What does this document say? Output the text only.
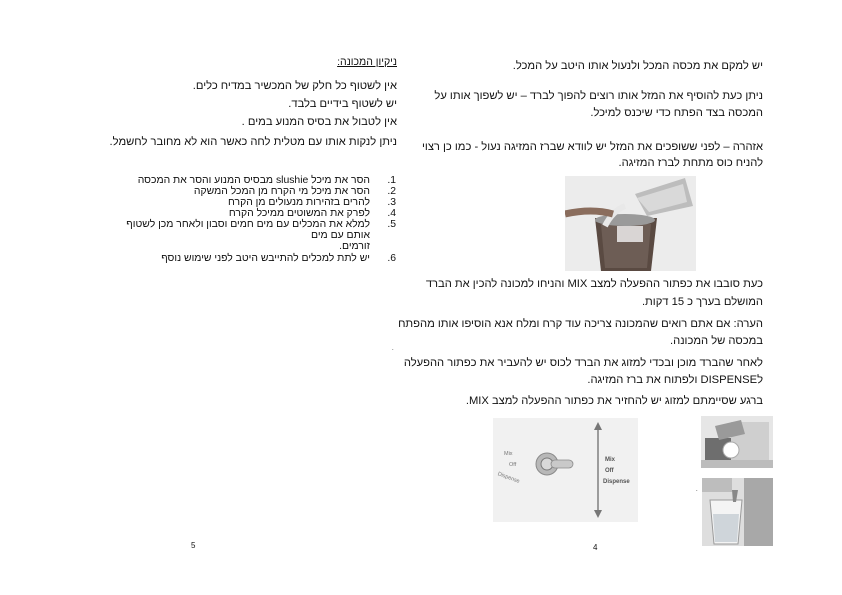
ניקיון המכונה:
אין לשטוף כל חלק של המכשיר במדיח כלים.
יש לשטוף בידיים בלבד.
אין לטבול את בסיס המנוע במים .
ניתן לנקות אותו עם מטלית לחה כאשר הוא לא מחובר לחשמל.
1.
הסר את מיכל slushie מבסיס המנוע והסר את המכסה
2.
הסר את מיכל מי הקרח מן המכל המשקה
3.
להרים בזהירות מנעולים מן הקרח
4.
לפרק את המשוטים ממיכל הקרח
5.
למלא את המכלים עם מים חמים וסבון ולאחר מכן לשטוף אותם עם מים
זורמים.
6.
יש לתת למכלים להתייבש היטב לפני שימוש נוסף
.
5
יש למקם את מכסה המכל ולנעול אותו היטב על המכל.
ניתן כעת להוסיף את המזל אותו רוצים להפוך לברד – יש לשפוך אותו על
המכסה בצד הפתח כדי שיכנס למיכל.
אזהרה – לפני ששופכים את המזל יש לוודא שברז המזיגה נעול - כמו כן רצוי
להניח כוס מתחת לברז המזיגה.
כעת סובבו את כפתור ההפעלה למצב MIX והניחו למכונה להכין את הברד
המושלם בערך כ 15 דקות.
הערה: אם אתם רואים שהמכונה צריכה עוד קרח ומלח אנא הוסיפו אותו מהפתח
במכסה של המכונה.
לאחר שהברד מוכן ובכדי למזוג את הברד לכוס יש להעביר את כפתור ההפעלה
לDISPENSE ולפתוח את ברז המזיגה.
ברגע שסיימתם למזוג יש להחזיר את כפתור ההפעלה למצב MIX.
Mix
Off
Dispense
Mix
Off
Dispense
.
4
